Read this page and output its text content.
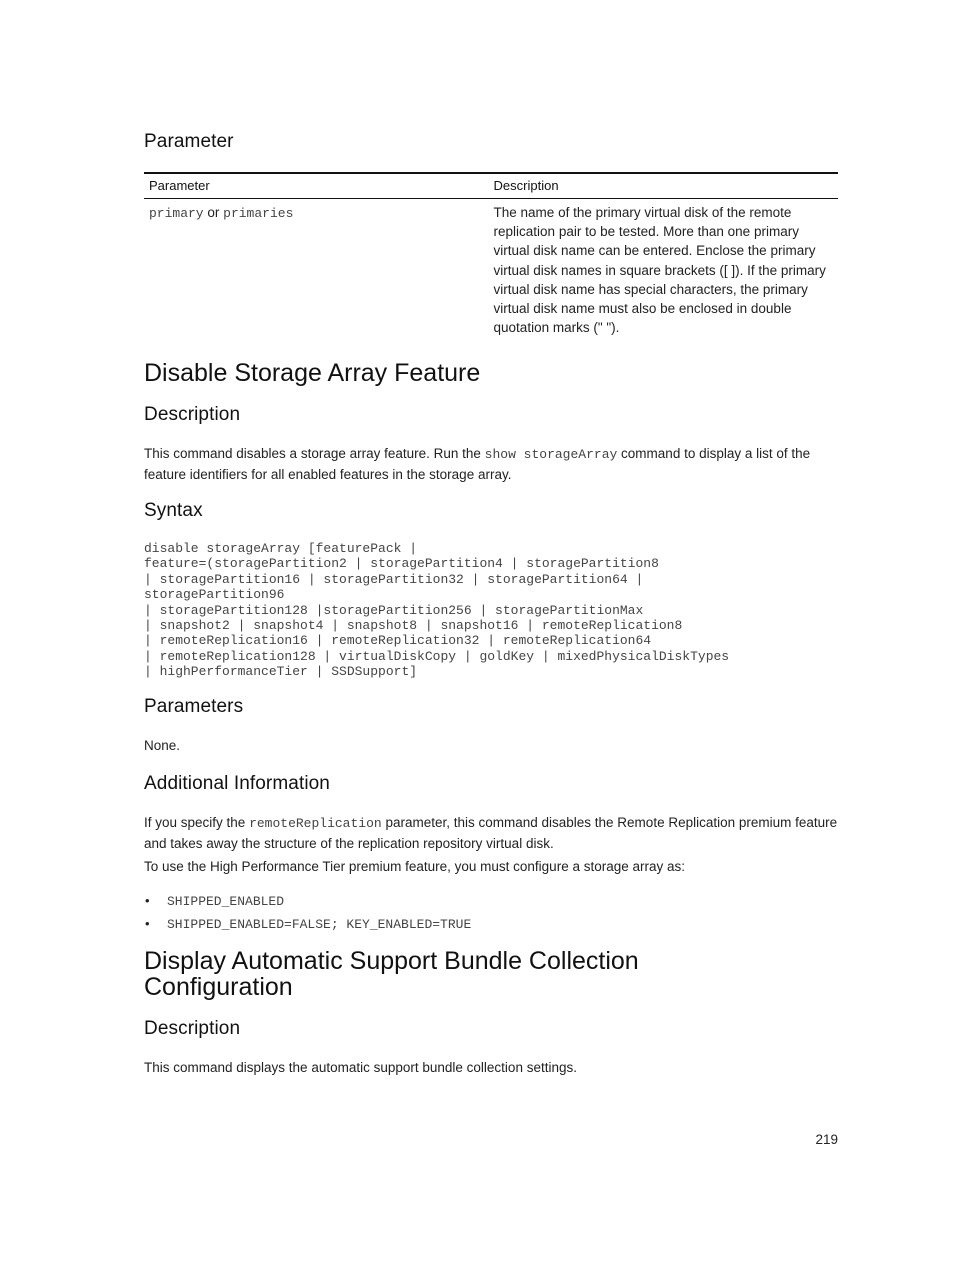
Parameter
Parameter	Description
primary or primaries	The name of the primary virtual disk of the remote replication pair to be tested. More than one primary virtual disk name can be entered. Enclose the primary virtual disk names in square brackets ([ ]). If the primary virtual disk name has special characters, the primary virtual disk name must also be enclosed in double quotation marks (" ").
Disable Storage Array Feature
Description

This command disables a storage array feature. Run the show storageArray command to display a list of the feature identifiers for all enabled features in the storage array.

Syntax
disable storageArray [featurePack |
feature=(storagePartition2 | storagePartition4 | storagePartition8
| storagePartition16 | storagePartition32 | storagePartition64 |
storagePartition96
| storagePartition128 |storagePartition256 | storagePartitionMax
| snapshot2 | snapshot4 | snapshot8 | snapshot16 | remoteReplication8
| remoteReplication16 | remoteReplication32 | remoteReplication64
| remoteReplication128 | virtualDiskCopy | goldKey | mixedPhysicalDiskTypes
| highPerformanceTier | SSDSupport]
Parameters

None.

Additional Information

If you specify the remoteReplication parameter, this command disables the Remote Replication premium feature and takes away the structure of the replication repository virtual disk.

To use the High Performance Tier premium feature, you must configure a storage array as:

• SHIPPED_ENABLED
• SHIPPED_ENABLED=FALSE; KEY_ENABLED=TRUE
Display Automatic Support Bundle Collection
Configuration
Description

This command displays the automatic support bundle collection settings.

219
